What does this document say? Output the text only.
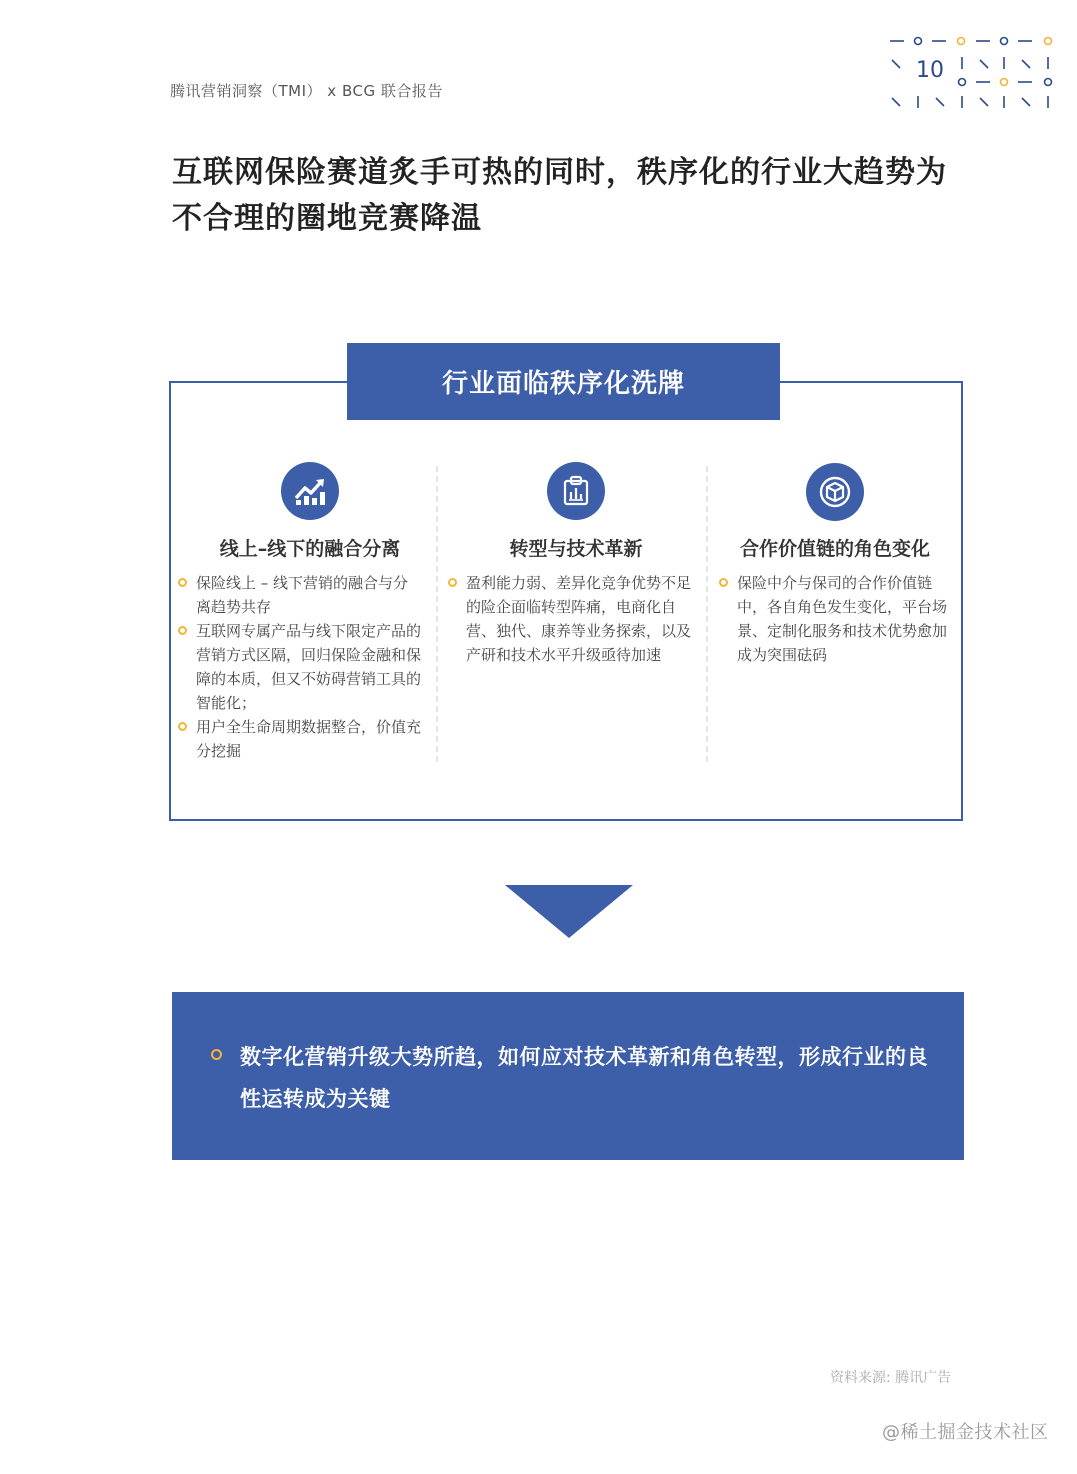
腾讯营销洞察（TMI） x BCG 联合报告
10
互联网保险赛道炙手可热的同时，秩序化的行业大趋势为
不合理的圈地竞赛降温
行业面临秩序化洗牌
线上–线下的融合分离
保险线上 – 线下营销的融合与分离趋势共存
互联网专属产品与线下限定产品的营销方式区隔，回归保险金融和保障的本质，但又不妨碍营销工具的智能化；
用户全生命周期数据整合，价值充分挖掘
转型与技术革新
盈利能力弱、差异化竞争优势不足的险企面临转型阵痛，电商化自营、独代、康养等业务探索，以及产研和技术水平升级亟待加速
合作价值链的角色变化
保险中介与保司的合作价值链中，各自角色发生变化，平台场景、定制化服务和技术优势愈加成为突围砝码
数字化营销升级大势所趋，如何应对技术革新和角色转型，形成行业的良性运转成为关键
资料来源: 腾讯广告
@稀土掘金技术社区
